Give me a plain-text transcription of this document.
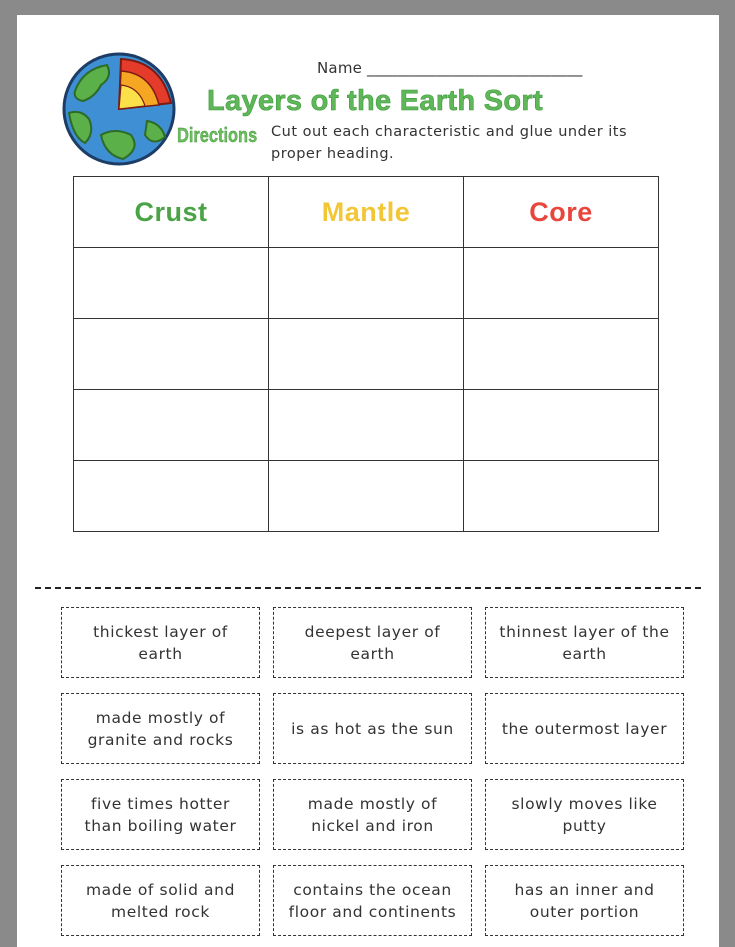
Name ____________________________
Layers of the Earth Sort
Directions Cut out each characteristic and glue under its proper heading.
Crust	Mantle	Core

thickest layer of earth
deepest layer of earth
thinnest layer of the earth
made mostly of granite and rocks
is as hot as the sun	the outermost layer
five times hotter than boiling water
made mostly of nickel and iron
slowly moves like putty
made of solid and melted rock
contains the ocean floor and continents
has an inner and outer portion
